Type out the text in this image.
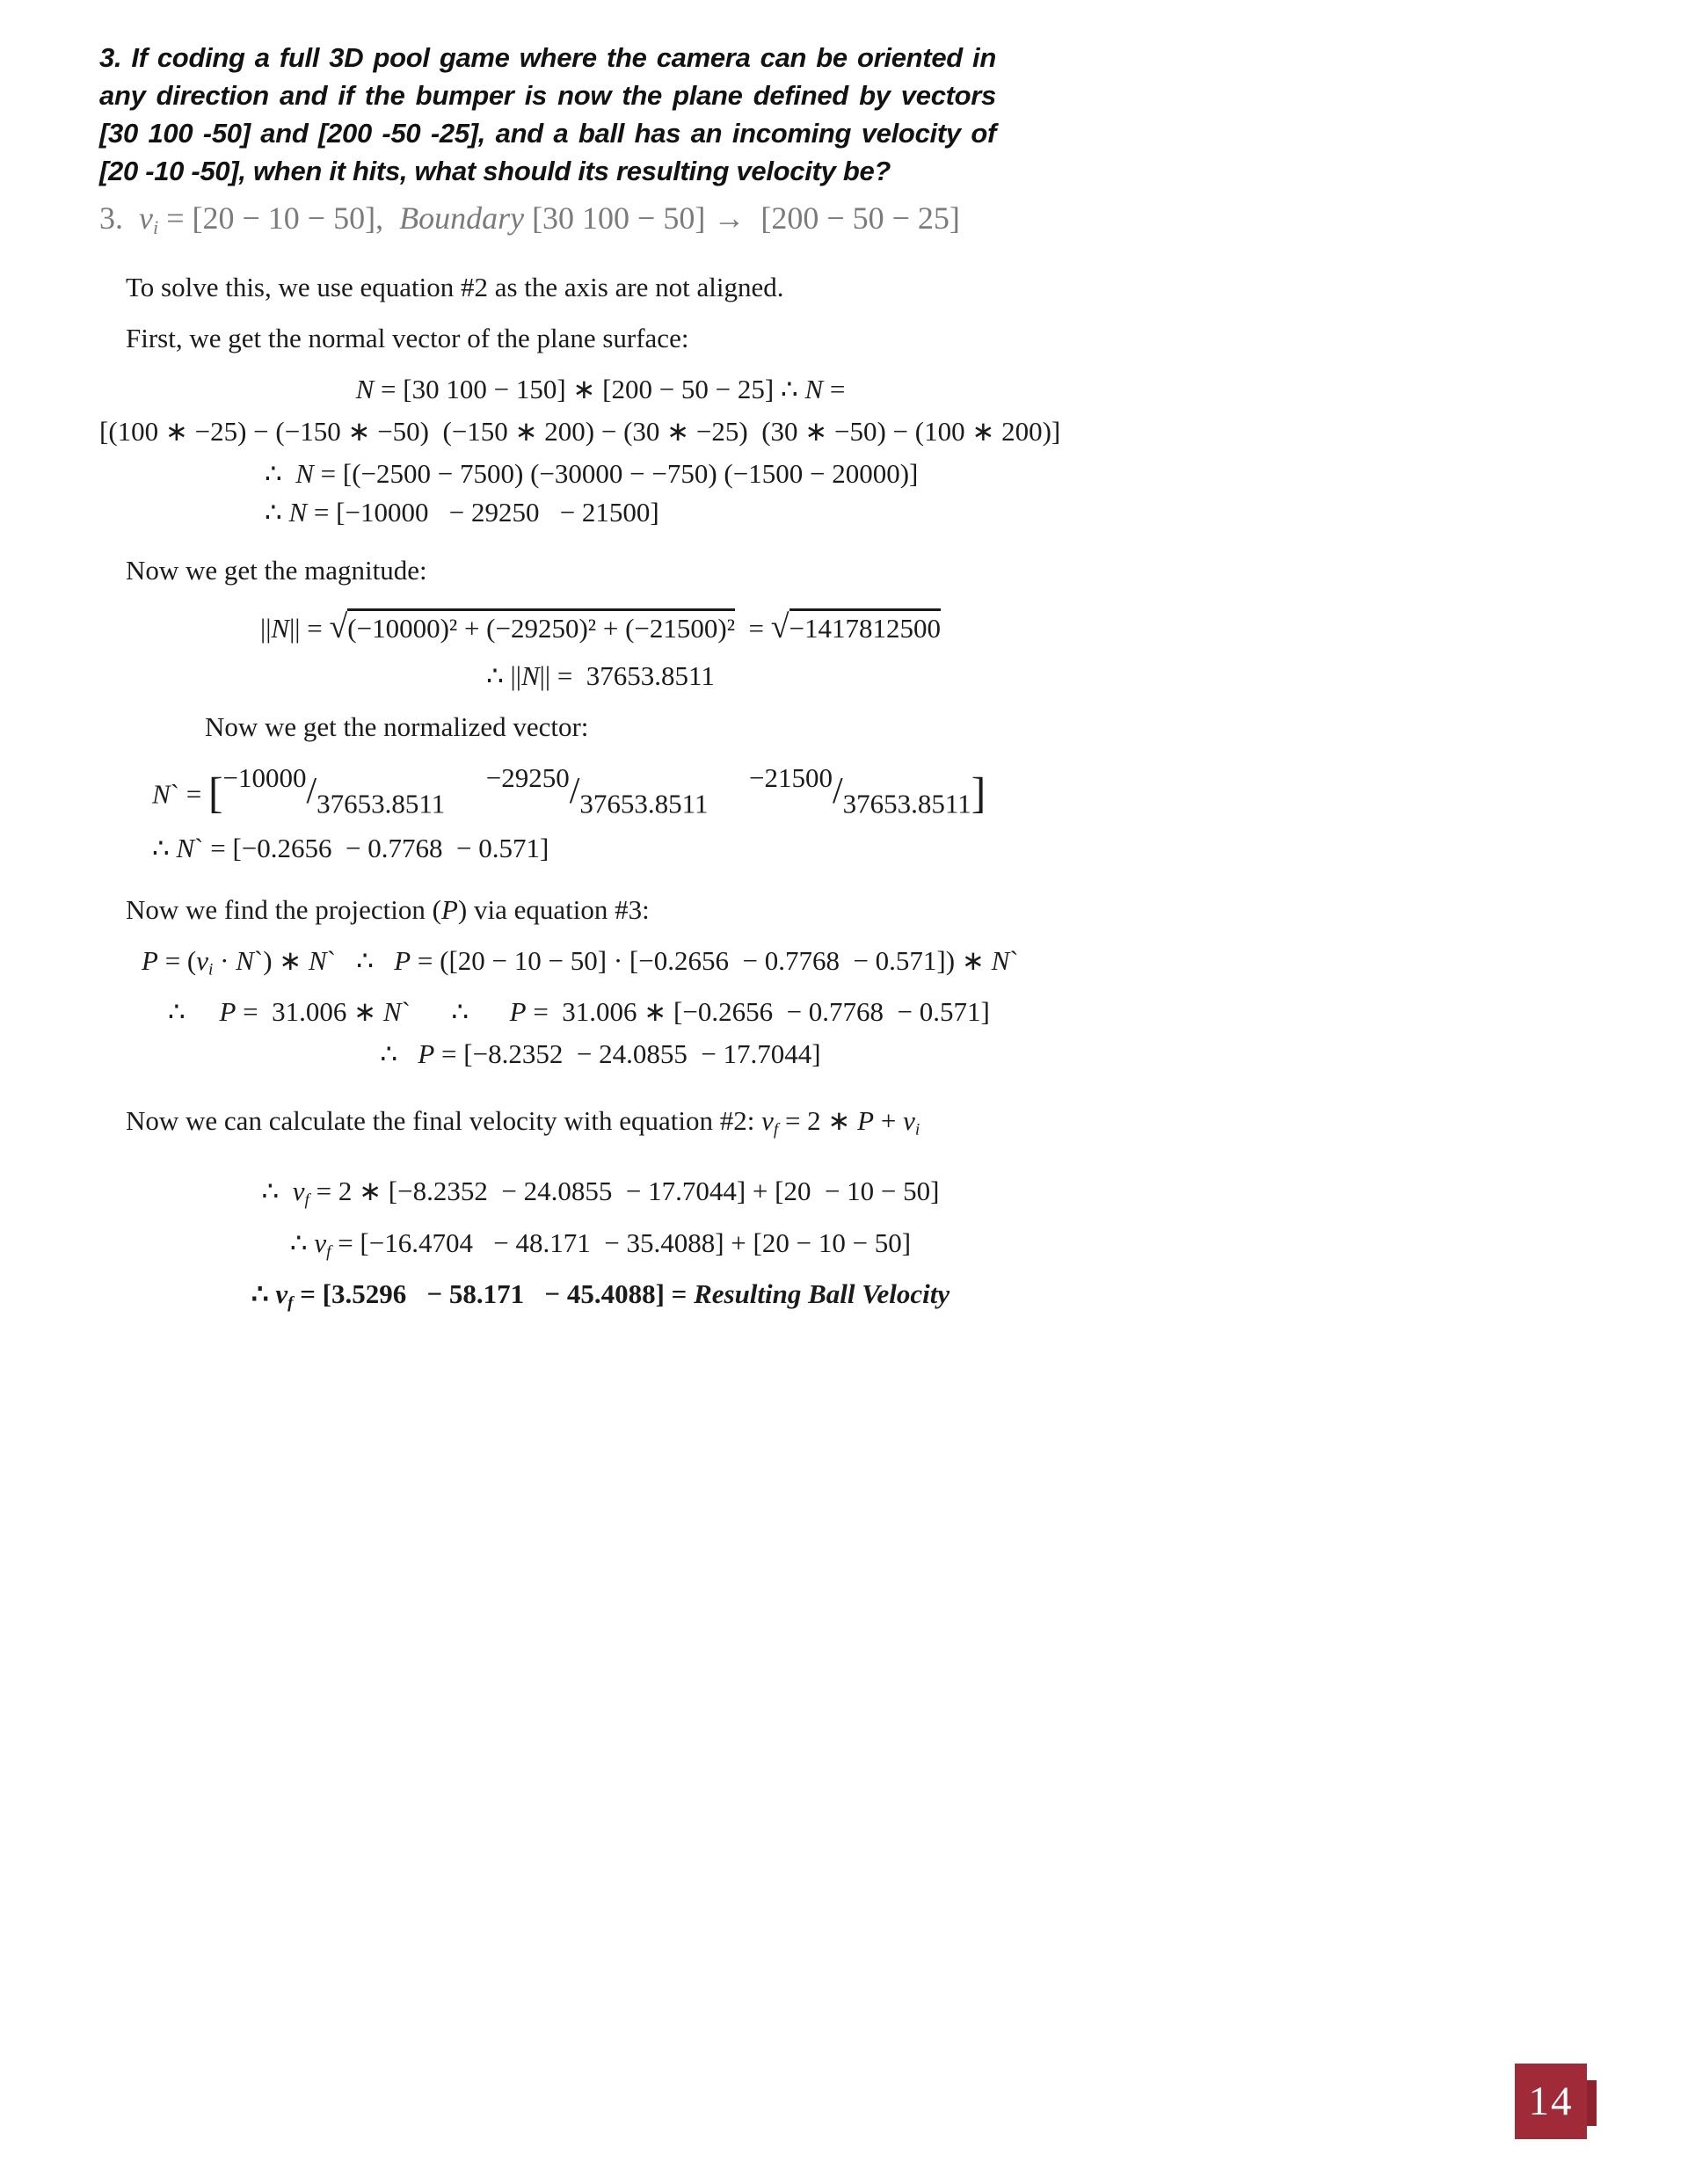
3. If coding a full 3D pool game where the camera can be oriented in
any direction and if the bumper is now the plane defined by vectors
[30 100 -50] and [200 -50 -25], and a ball has an incoming velocity of
[20 -10 -50], when it hits, what should its resulting velocity be?
3.  vi = [20 − 10 − 50],  Boundary [30 100 − 50] →  [200 − 50 − 25]
To solve this, we use equation #2 as the axis are not aligned.
First, we get the normal vector of the plane surface:
N = [30 100 − 150] ∗ [200 − 50 − 25] ∴ N =
[(100 ∗ −25) − (−150 ∗ −50)  (−150 ∗ 200) − (30 ∗ −25)  (30 ∗ −50) − (100 ∗ 200)]
∴  N = [(−2500 − 7500) (−30000 − −750) (−1500 − 20000)]
∴ N = [−10000   − 29250   − 21500]
Now we get the magnitude:
||N|| = √(−10000)² + (−29250)² + (−21500)²  = √−1417812500
∴ ||N|| =  37653.8511
Now we get the normalized vector:
N` = [−10000/37653.8511      −29250/37653.8511      −21500/37653.8511]
∴ N` = [−0.2656  − 0.7768  − 0.571]
Now we find the projection (P) via equation #3:
P = (vi · N`) ∗ N`   ∴   P = ([20 − 10 − 50] · [−0.2656  − 0.7768  − 0.571]) ∗ N`
∴     P =  31.006 ∗ N`      ∴      P =  31.006 ∗ [−0.2656  − 0.7768  − 0.571]
∴   P = [−8.2352  − 24.0855  − 17.7044]
Now we can calculate the final velocity with equation #2: vf = 2 ∗ P + vi
∴  vf = 2 ∗ [−8.2352  − 24.0855  − 17.7044] + [20  − 10 − 50]
∴ vf = [−16.4704   − 48.171  − 35.4088] + [20 − 10 − 50]
∴ vf = [3.5296   − 58.171   − 45.4088] = Resulting Ball Velocity
14
